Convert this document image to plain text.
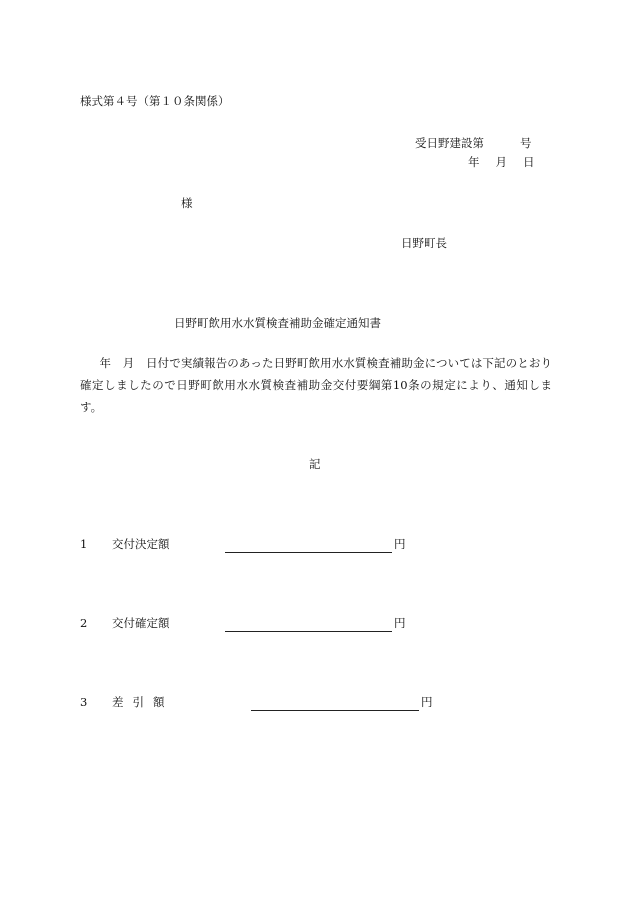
様式第４号（第１０条関係）
受日野建設第	号
年 月 日
様
日野町長
日野町飲用水水質検査補助金確定通知書
年　月　日付で実績報告のあった日野町飲用水水質検査補助金については下記のとおり確定しましたので日野町飲用水水質検査補助金交付要綱第10条の規定により、通知します。
記
1 交付決定額	円
2 交付確定額	円
3 差引額	円
